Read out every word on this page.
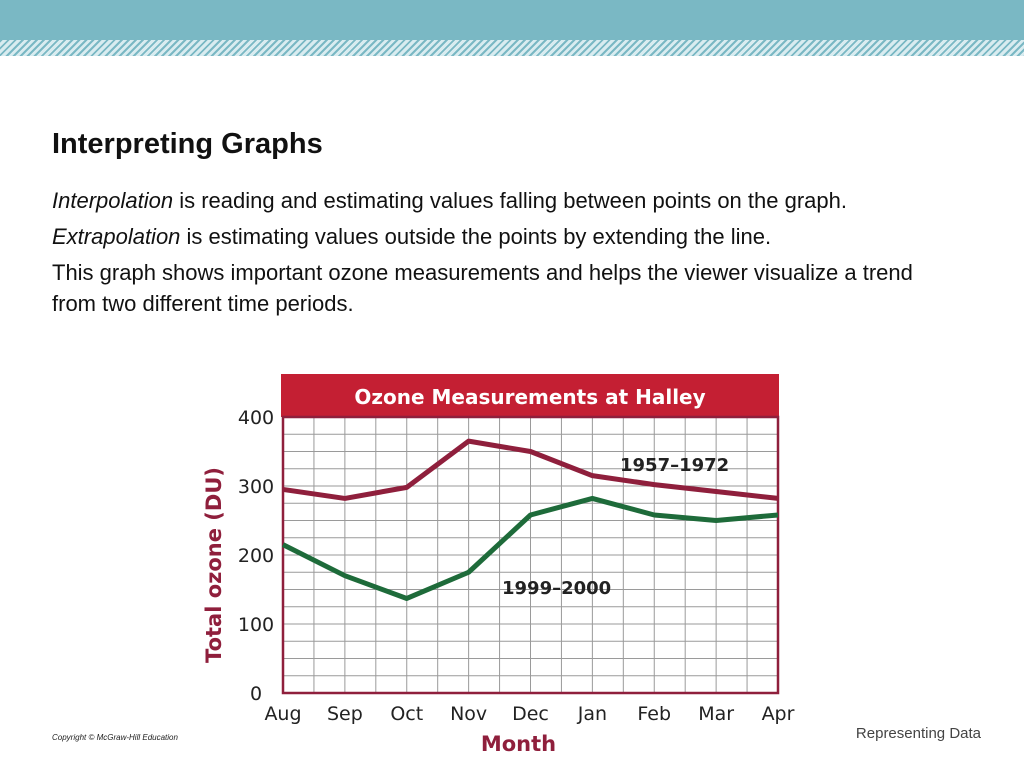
Interpreting Graphs

Interpolation is reading and estimating values falling between points on the graph.

Extrapolation is estimating values outside the points by extending the line.

This graph shows important ozone measurements and helps the viewer visualize a trend from two different time periods.

Ozone Measurements at Halley
0
100
200
300
400
Aug Sep Oct Nov Dec Jan Feb Mar Apr
1957–1972
1999–2000
Total ozone (DU)
Month
Copyright © McGraw-Hill Education	Representing Data
